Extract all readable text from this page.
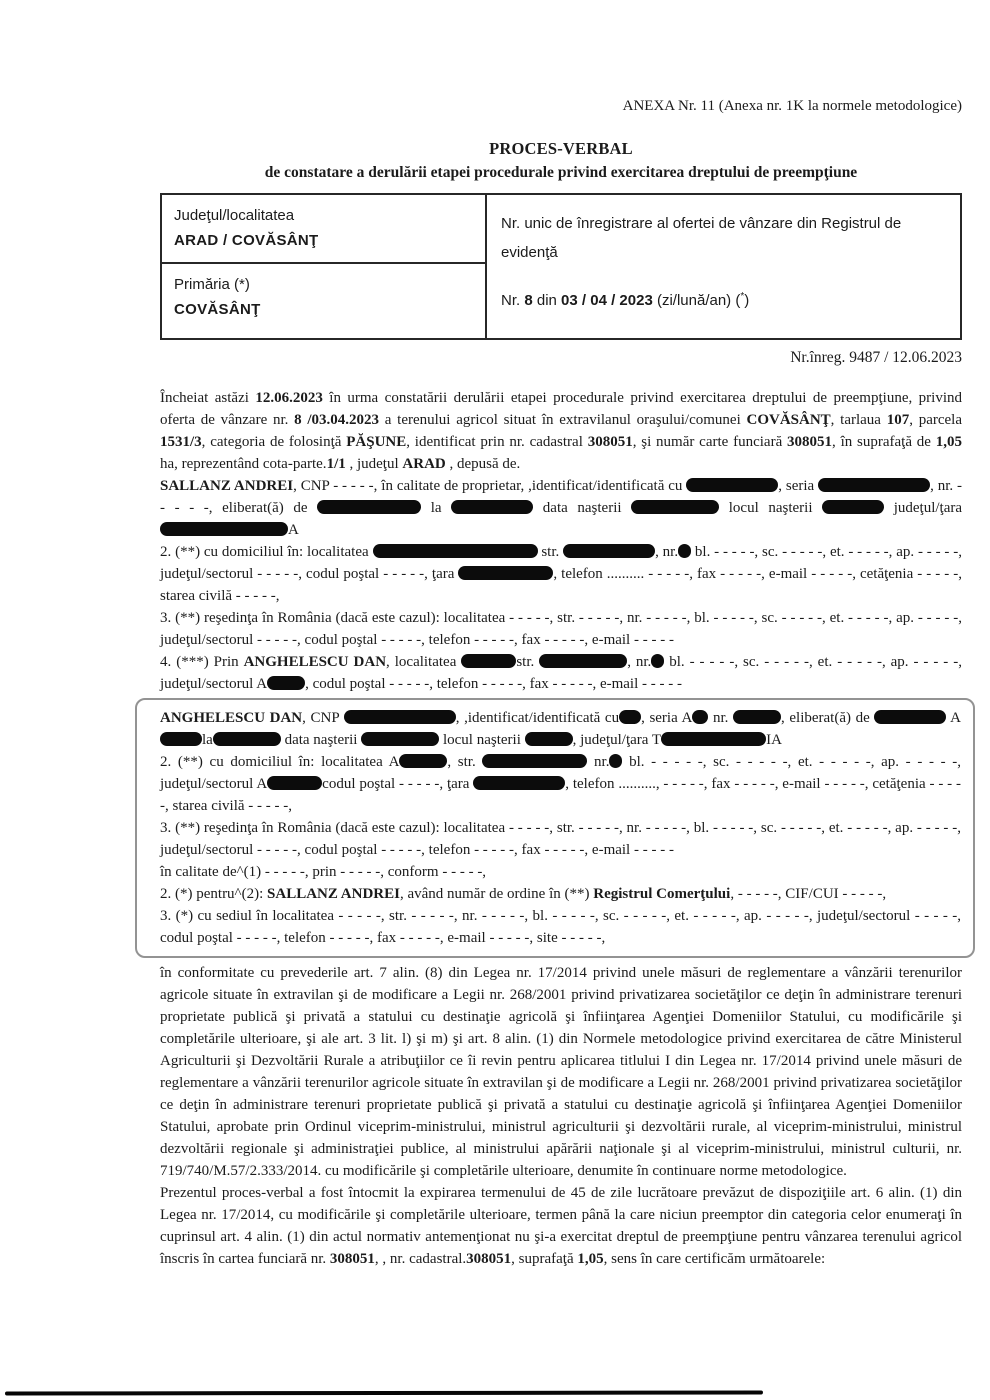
ANEXA Nr. 11 (Anexa nr. 1K la normele metodologice)
PROCES-VERBAL
de constatare a derulării etapei procedurale privind exercitarea dreptului de preempţiune
Judeţul/localitatea
ARAD / COVĂSÂNŢ
Primăria (*)
COVĂSÂNŢ
Nr. unic de înregistrare al ofertei de vânzare din Registrul de evidenţă

Nr. 8 din 03 / 04 / 2023 (zi/lună/an) (*)

Nr.înreg. 9487 / 12.06.2023

Încheiat astăzi 12.06.2023 în urma constatării derulării etapei procedurale privind exercitarea dreptului de preempţiune, privind oferta de vânzare nr. 8 /03.04.2023 a terenului agricol situat în extravilanul oraşului/comunei COVĂSÂNŢ, tarlaua 107, parcela 1531/3, categoria de folosinţă PĂŞUNE, identificat prin nr. cadastral 308051, şi număr carte funciară 308051, în suprafaţă de 1,05 ha, reprezentând cota-parte.1/1 , judeţul ARAD , depusă de.

SALLANZ ANDREI, CNP - - - - -, în calitate de proprietar, ,identificat/identificată cu	, seria	, nr. - - - - -, eliberat(ă) de	la	data naşterii	locul naşterii	judeţul/ţara A

2. (**) cu domiciliul în: localitatea	str.	, nr. bl. - - - - -, sc. - - - - -, et. - - - - -, ap. - - - - -, judeţul/sectorul - - - - -, codul poştal - - - - -, ţara	, telefon .......... - - - - -, fax - - - - -, e-mail - - - - -, cetăţenia - - - - -, starea civilă - - - - -,

3. (**) reşedinţa în România (dacă este cazul): localitatea - - - - -, str. - - - - -, nr. - - - - -, bl. - - - - -, sc. - - - - -, et. - - - - -, ap. - - - - -, judeţul/sectorul - - - - -, codul poştal - - - - -, telefon - - - - -, fax - - - - -, e-mail - - - - -

4. (***) Prin ANGHELESCU DAN, localitatea	str.	, nr. bl. - - - - -, sc. - - - - -, et. - - - - -, ap. - - - - -, judeţul/sectorul A	, codul poştal - - - - -, telefon - - - - -, fax - - - - -, e-mail - - - - -

ANGHELESCU DAN, CNP	, ,identificat/identificată cu , seria A nr.	, eliberat(ă) de	Ala	data naşterii	locul naşterii	, judeţul/ţara T	IA

2. (**) cu domiciliul în: localitatea A	, str.	nr. bl. - - - - -, sc. - - - - -, et. - - - - -, ap. - - - - -, judeţul/sectorul A	codul poştal - - - - -, ţara	, telefon .........., - - - - -, fax - - - - -, e-mail - - - - -, cetăţenia - - - - -, starea civilă - - - - -,

3. (**) reşedinţa în România (dacă este cazul): localitatea - - - - -, str. - - - - -, nr. - - - - -, bl. - - - - -, sc. - - - - -, et. - - - - -, ap. - - - - -, judeţul/sectorul - - - - -, codul poştal - - - - -, telefon - - - - -, fax - - - - -, e-mail - - - - -

în calitate de^(1) - - - - -, prin - - - - -, conform - - - - -,

2. (*) pentru^(2): SALLANZ ANDREI, având număr de ordine în (**) Registrul Comerţului, - - - - -, CIF/CUI - - - - -,

3. (*) cu sediul în localitatea - - - - -, str. - - - - -, nr. - - - - -, bl. - - - - -, sc. - - - - -, et. - - - - -, ap. - - - - -, judeţul/sectorul - - - - -, codul poştal - - - - -, telefon - - - - -, fax - - - - -, e-mail - - - - -, site - - - - -,

în conformitate cu prevederile art. 7 alin. (8) din Legea nr. 17/2014 privind unele măsuri de reglementare a vânzării terenurilor agricole situate în extravilan şi de modificare a Legii nr. 268/2001 privind privatizarea societăţilor ce deţin în administrare terenuri proprietate publică şi privată a statului cu destinaţie agricolă şi înfiinţarea Agenţiei Domeniilor Statului, cu modificările şi completările ulterioare, şi ale art. 3 lit. l) şi m) şi art. 8 alin. (1) din Normele metodologice privind exercitarea de către Ministerul Agriculturii şi Dezvoltării Rurale a atribuţiilor ce îi revin pentru aplicarea titlului I din Legea nr. 17/2014 privind unele măsuri de reglementare a vânzării terenurilor agricole situate în extravilan şi de modificare a Legii nr. 268/2001 privind privatizarea societăţilor ce deţin în administrare terenuri proprietate publică şi privată a statului cu destinaţie agricolă şi înfiinţarea Agenţiei Domeniilor Statului, aprobate prin Ordinul viceprim-ministrului, ministrul agriculturii şi dezvoltării rurale, al viceprim-ministrului, ministrul dezvoltării regionale şi administraţiei publice, al ministrului apărării naţionale şi al viceprim-ministrului, ministrul culturii, nr. 719/740/M.57/2.333/2014. cu modificările şi completările ulterioare, denumite în continuare norme metodologice.

Prezentul proces-verbal a fost întocmit la expirarea termenului de 45 de zile lucrătoare prevăzut de dispoziţiile art. 6 alin. (1) din Legea nr. 17/2014, cu modificările şi completările ulterioare, termen până la care niciun preemptor din categoria celor enumeraţi în cuprinsul art. 4 alin. (1) din actul normativ antemenţionat nu şi-a exercitat dreptul de preempţiune pentru vânzarea terenului agricol înscris în cartea funciară nr. 308051, , nr. cadastral.308051, suprafaţă 1,05, sens în care certificăm următoarele:
